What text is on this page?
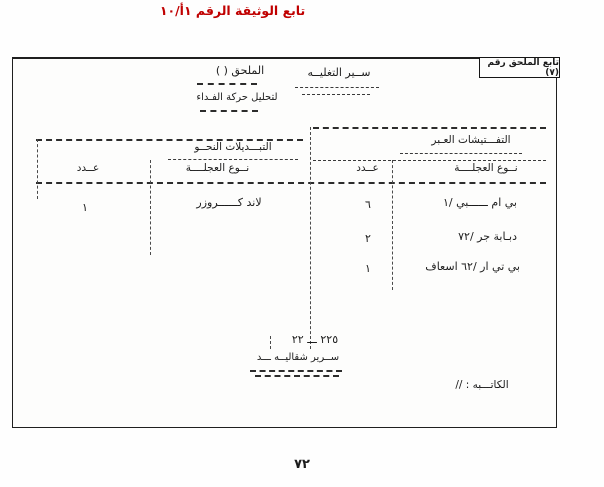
تابع الوثيقة الرقم ١أ/١٠
تابع الملحق رقم (٧)
الملحق ( )
لتحليل حركة الفـداء
ســير التغليــه
التفـــتيشات العـبر
التبـــديلات النحــو
نــوع العجلــــة
عــدد
نــوع العجلــــة
عــدد
بي ام ــــــبي /١
٦
دبـابة جر /٧٢
٢
بي تي ار /٦٢ اسعاف
١
لاند كــــــروزر
١
٢٢٥ ـــ ٢٢
ســرير شقاليــه ـــد
الكاتـــبه : //
٧٢
